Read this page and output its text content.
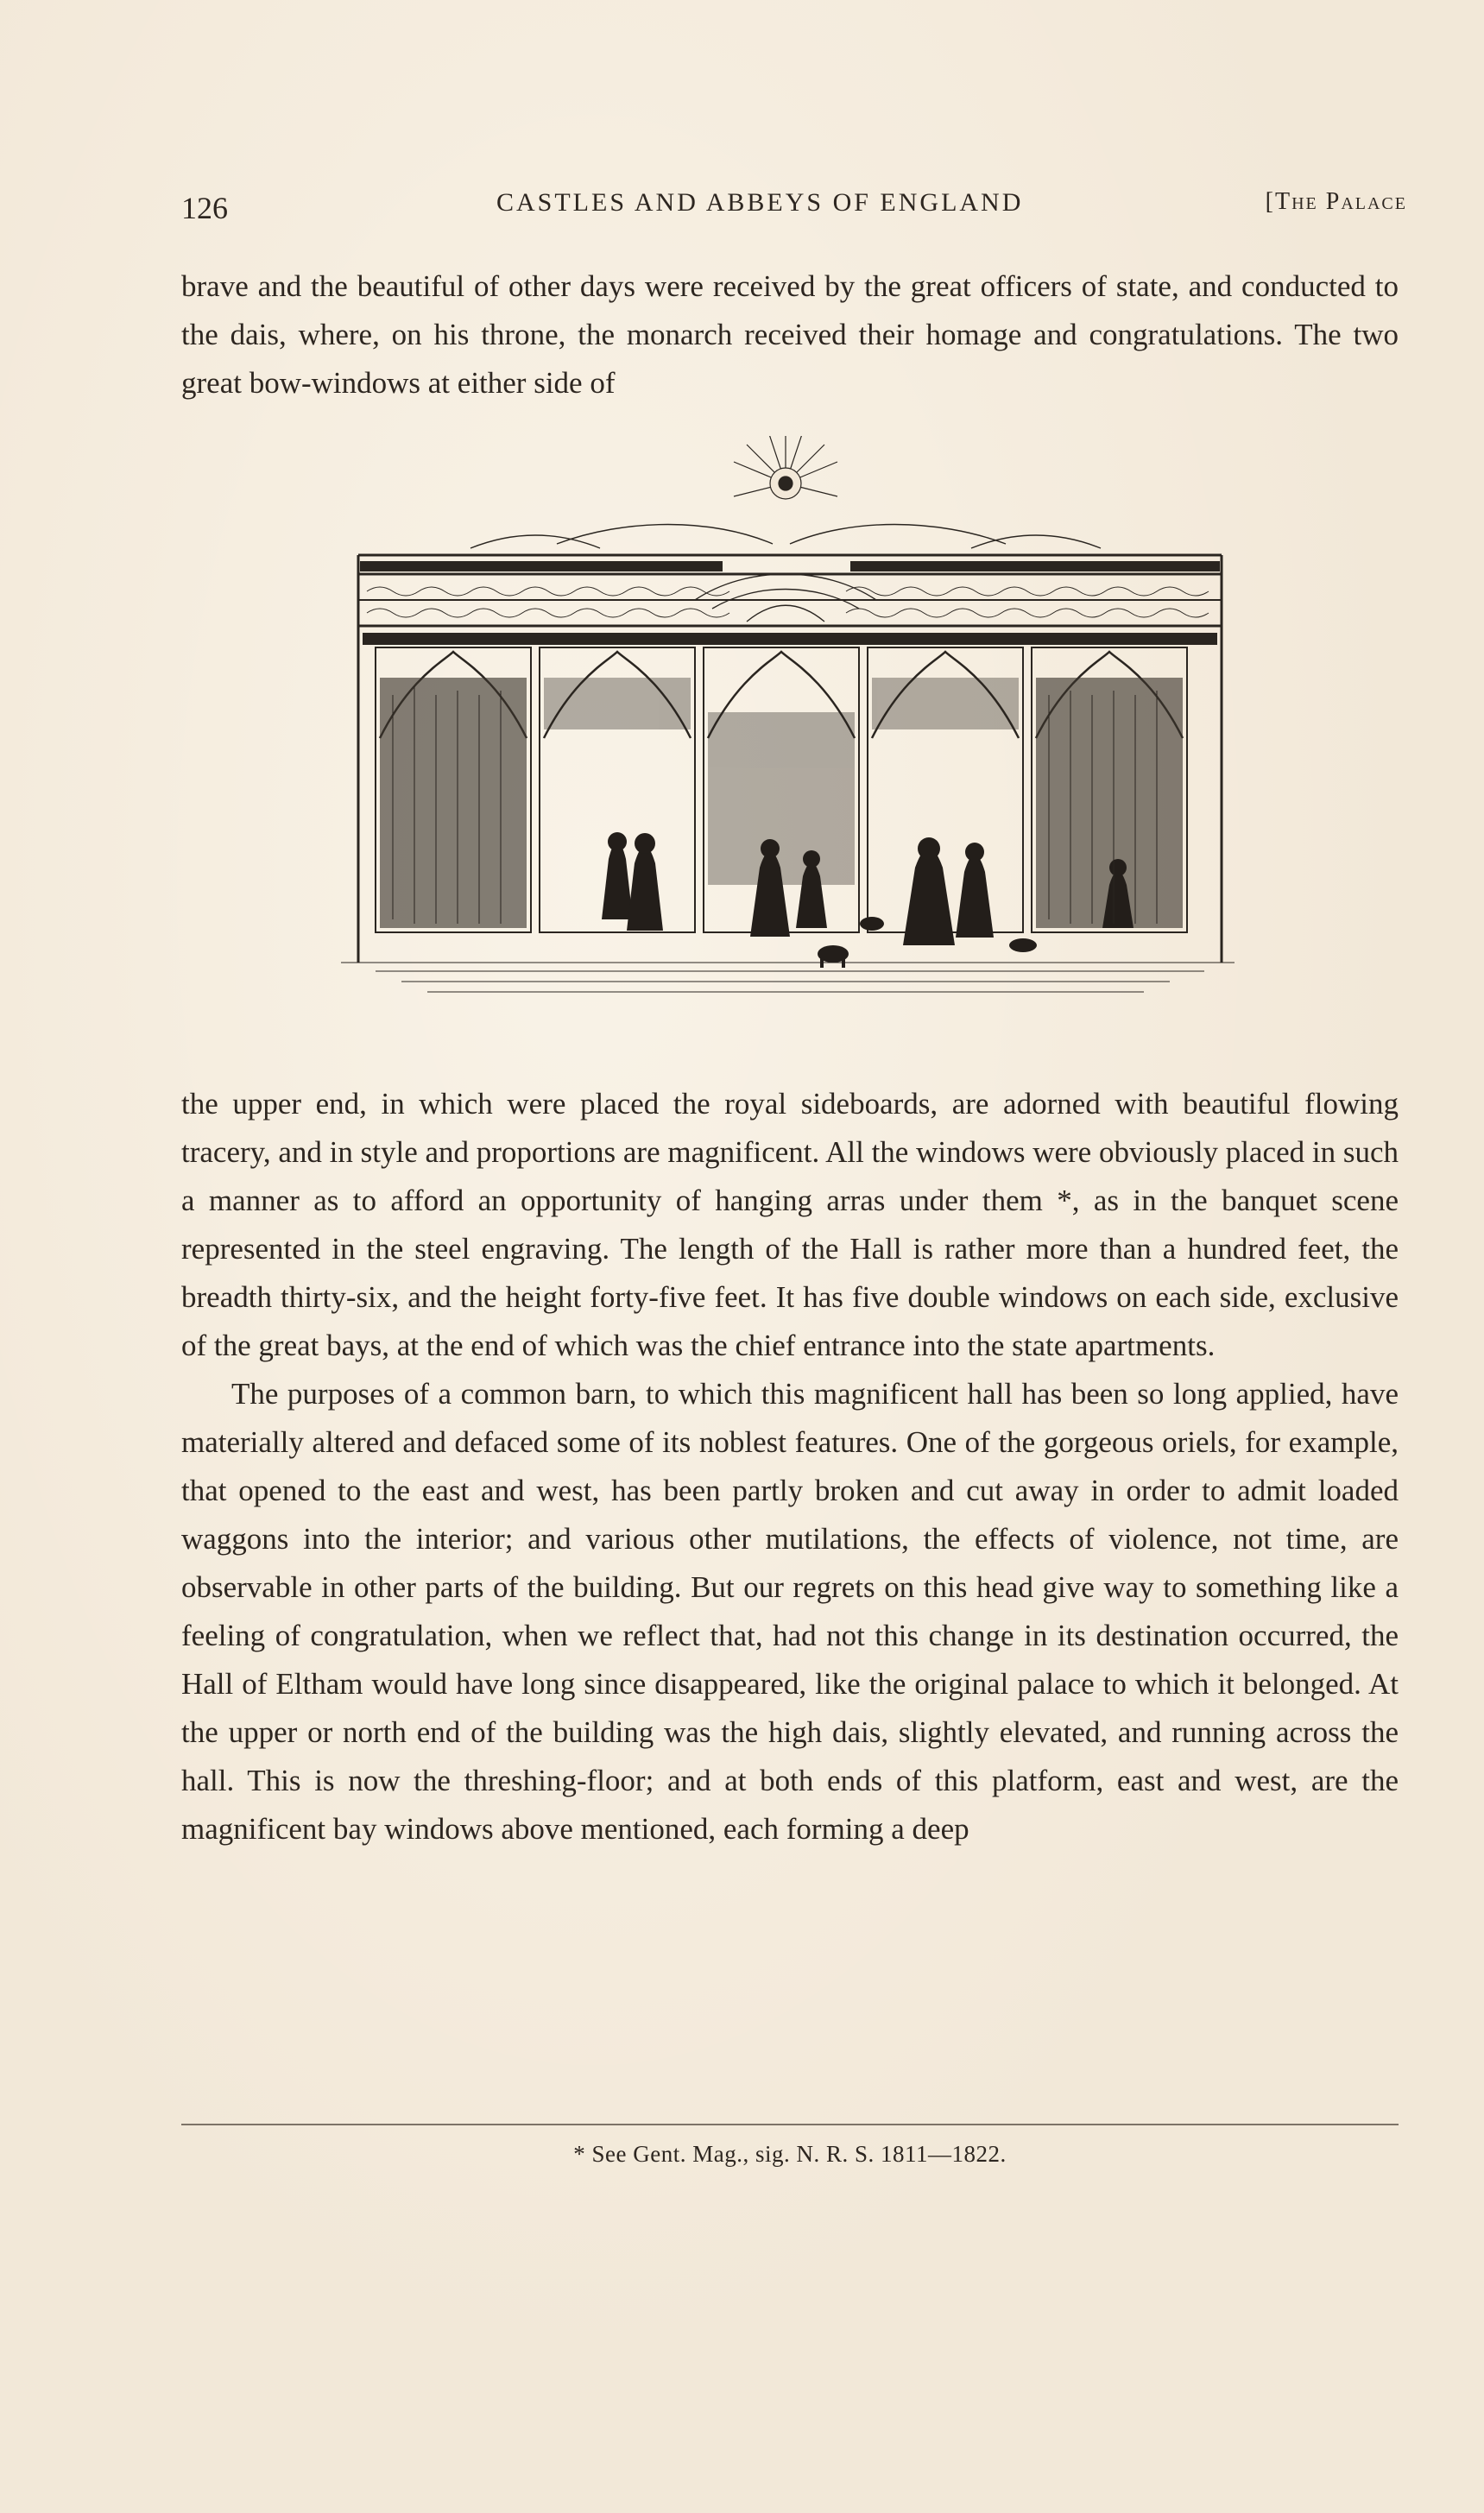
126	CASTLES AND ABBEYS OF ENGLAND	[The Palace

brave and the beautiful of other days were received by the great officers of state, and conducted to the dais, where, on his throne, the monarch received their homage and congratulations. The two great bow-windows at either side of

the upper end, in which were placed the royal sideboards, are adorned with beautiful flowing tracery, and in style and proportions are magnificent. All the windows were obviously placed in such a manner as to afford an opportunity of hanging arras under them *, as in the banquet scene represented in the steel engraving. The length of the Hall is rather more than a hundred feet, the breadth thirty-six, and the height forty-five feet. It has five double windows on each side, exclusive of the great bays, at the end of which was the chief entrance into the state apartments.

The purposes of a common barn, to which this magnificent hall has been so long applied, have materially altered and defaced some of its noblest features. One of the gorgeous oriels, for example, that opened to the east and west, has been partly broken and cut away in order to admit loaded waggons into the interior; and various other mutilations, the effects of violence, not time, are observable in other parts of the building. But our regrets on this head give way to something like a feeling of congratulation, when we reflect that, had not this change in its destination occurred, the Hall of Eltham would have long since disappeared, like the original palace to which it belonged. At the upper or north end of the building was the high dais, slightly elevated, and running across the hall. This is now the threshing-floor; and at both ends of this platform, east and west, are the magnificent bay windows above mentioned, each forming a deep

* See Gent. Mag., sig. N. R. S. 1811—1822.
